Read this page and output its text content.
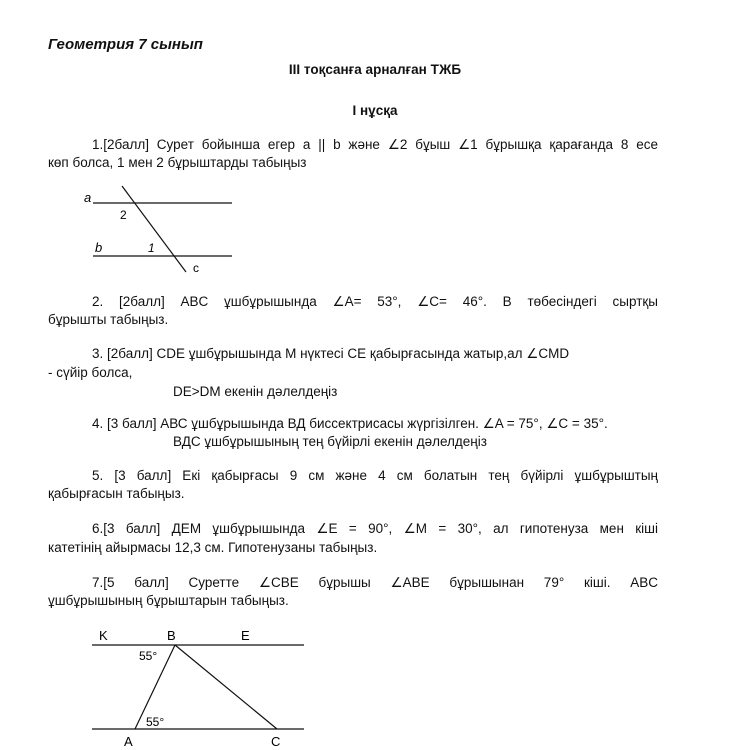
Геометрия 7 сынып
ІІІ тоқсанға арналған ТЖБ
І нұсқа
1.[2балл] Сурет бойынша егер a || b және ∠2 бұыш ∠1 бұрышқа қарағанда 8 есе
көп болса, 1 мен 2 бұрыштарды табыңыз
a
b
c
2
1
2. [2балл] ABC ұшбұрышында ∠A= 53°, ∠C= 46°. В төбесіндегі сыртқы
бұрышты табыңыз.
3. [2балл] CDE ұшбұрышында M нүктесі CE қабырғасында жатыр,ал ∠CMD
- сүйір болса,
DE>DM екенін дәлелдеңіз
4. [3 балл] АВС ұшбұрышында ВД биссектрисасы жүргізілген. ∠A = 75°, ∠C = 35°.
ВДС ұшбұрышының тең бүйірлі екенін дәлелдеңіз
5. [3 балл] Екі қабырғасы 9 см және 4 см болатын тең бүйірлі ұшбұрыштың
қабырғасын табыңыз.
6.[3 балл] ДЕМ ұшбұрышында ∠E = 90°, ∠M = 30°, ал гипотенуза мен кіші
катетінің айырмасы 12,3 см. Гипотенузаны табыңыз.
7.[5 балл] Суретте ∠CBE бұрышы ∠ABE бұрышынан 79° кіші. ABC
ұшбұрышының бұрыштарын табыңыз.
K	B	E
A	C
55°
55°
